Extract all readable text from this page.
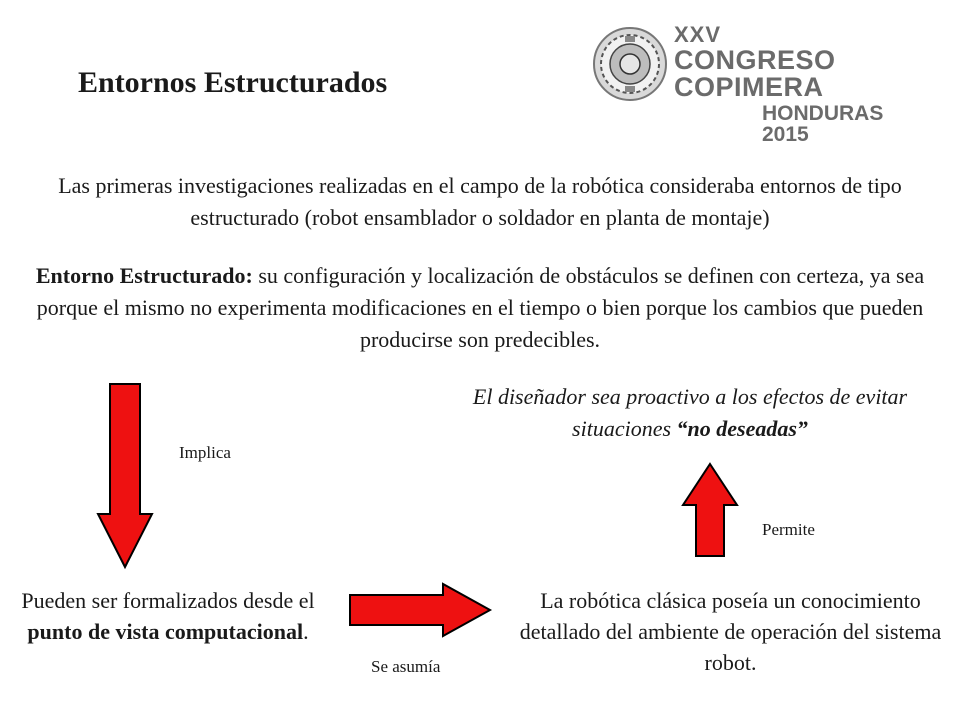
Entornos Estructurados
XXV
CONGRESO COPIMERA
HONDURAS 2015

Las primeras investigaciones realizadas en el campo de la robótica consideraba entornos de tipo estructurado (robot ensamblador o soldador en planta de montaje)

Entorno Estructurado: su configuración y localización de obstáculos se definen con certeza, ya sea porque el mismo no experimenta modificaciones en el tiempo o bien porque los cambios que pueden producirse son predecibles.

El diseñador sea proactivo a los efectos de evitar situaciones “no deseadas”
Implica
Permite
Se asumía
Pueden ser formalizados desde el punto de vista computacional.
La robótica clásica poseía un conocimiento detallado del ambiente de operación del sistema robot.
